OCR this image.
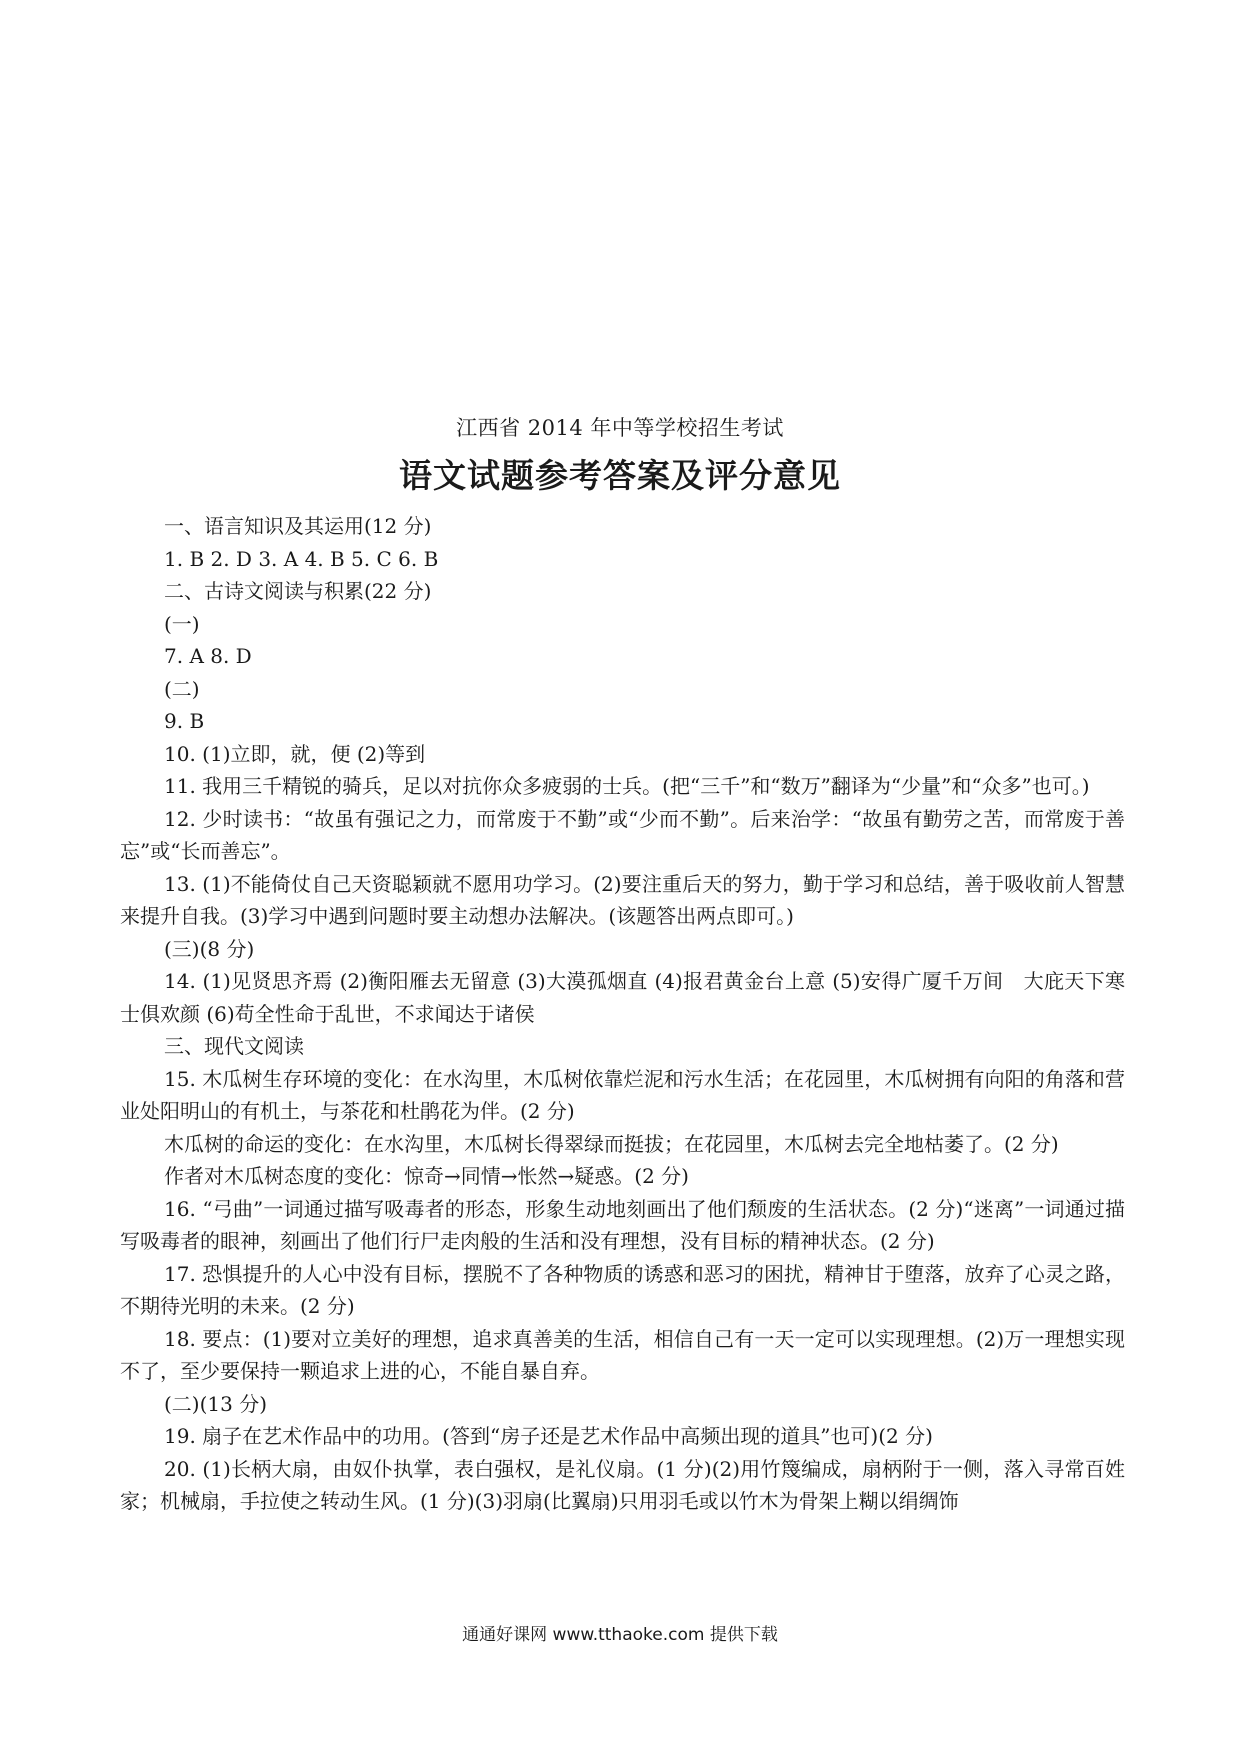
江西省 2014 年中等学校招生考试
语文试题参考答案及评分意见

一、语言知识及其运用(12 分)

1. B 2. D 3. A 4. B 5. C 6. B

二、古诗文阅读与积累(22 分)

(一)

7. A 8. D

(二)

9. B

10. (1)立即，就，便 (2)等到

11. 我用三千精锐的骑兵，足以对抗你众多疲弱的士兵。(把“三千”和“数万”翻译为“少量”和“众多”也可。)

12. 少时读书：“故虽有强记之力，而常废于不勤”或“少而不勤”。后来治学：“故虽有勤劳之苦，而常废于善忘”或“长而善忘”。

13. (1)不能倚仗自己天资聪颖就不愿用功学习。(2)要注重后天的努力，勤于学习和总结，善于吸收前人智慧来提升自我。(3)学习中遇到问题时要主动想办法解决。(该题答出两点即可。)

(三)(8 分)

14. (1)见贤思齐焉 (2)衡阳雁去无留意 (3)大漠孤烟直 (4)报君黄金台上意 (5)安得广厦千万间　大庇天下寒士俱欢颜 (6)苟全性命于乱世，不求闻达于诸侯

三、现代文阅读

15. 木瓜树生存环境的变化：在水沟里，木瓜树依靠烂泥和污水生活；在花园里，木瓜树拥有向阳的角落和营业处阳明山的有机土，与茶花和杜鹃花为伴。(2 分)

木瓜树的命运的变化：在水沟里，木瓜树长得翠绿而挺拔；在花园里，木瓜树去完全地枯萎了。(2 分)

作者对木瓜树态度的变化：惊奇→同情→怅然→疑惑。(2 分)

16. “弓曲”一词通过描写吸毒者的形态，形象生动地刻画出了他们颓废的生活状态。(2 分)“迷离”一词通过描写吸毒者的眼神，刻画出了他们行尸走肉般的生活和没有理想，没有目标的精神状态。(2 分)

17. 恐惧提升的人心中没有目标，摆脱不了各种物质的诱惑和恶习的困扰，精神甘于堕落，放弃了心灵之路，不期待光明的未来。(2 分)

18. 要点：(1)要对立美好的理想，追求真善美的生活，相信自己有一天一定可以实现理想。(2)万一理想实现不了，至少要保持一颗追求上进的心，不能自暴自弃。

(二)(13 分)

19. 扇子在艺术作品中的功用。(答到“房子还是艺术作品中高频出现的道具”也可)(2 分)

20. (1)长柄大扇，由奴仆执掌，表白强权，是礼仪扇。(1 分)(2)用竹篾编成，扇柄附于一侧，落入寻常百姓家；机械扇，手拉使之转动生风。(1 分)(3)羽扇(比翼扇)只用羽毛或以竹木为骨架上糊以绢绸饰

通通好课网 www.tthaoke.com 提供下载
